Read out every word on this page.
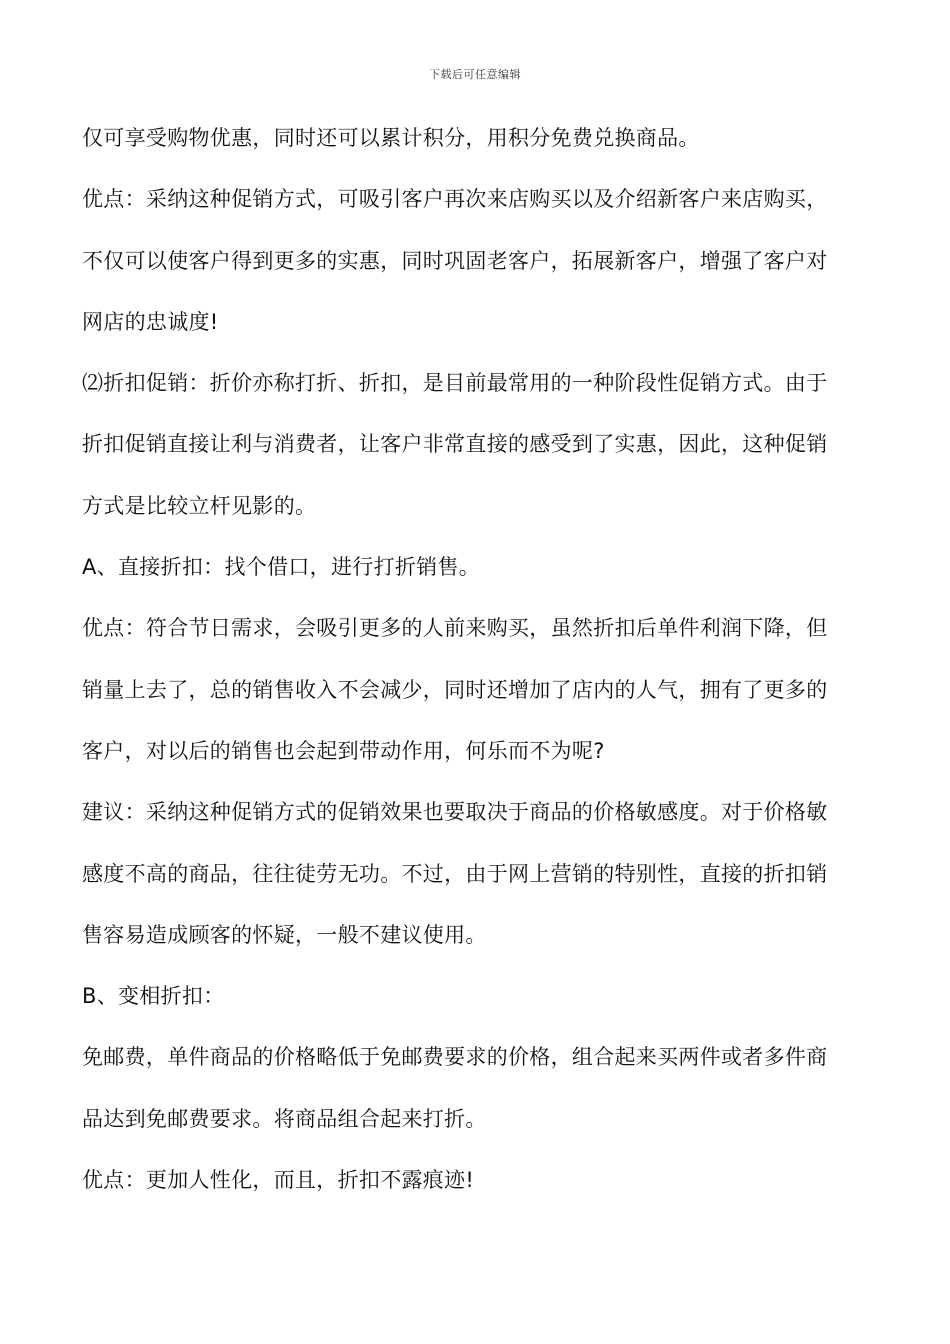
下载后可任意编辑
仅可享受购物优惠，同时还可以累计积分，用积分免费兑换商品。
优点：采纳这种促销方式，可吸引客户再次来店购买以及介绍新客户来店购买，
不仅可以使客户得到更多的实惠，同时巩固老客户，拓展新客户，增强了客户对
网店的忠诚度!
⑵折扣促销：折价亦称打折、折扣，是目前最常用的一种阶段性促销方式。由于
折扣促销直接让利与消费者，让客户非常直接的感受到了实惠，因此，这种促销
方式是比较立杆见影的。
A、直接折扣：找个借口，进行打折销售。
优点：符合节日需求，会吸引更多的人前来购买，虽然折扣后单件利润下降，但
销量上去了，总的销售收入不会减少，同时还增加了店内的人气，拥有了更多的
客户，对以后的销售也会起到带动作用，何乐而不为呢?
建议：采纳这种促销方式的促销效果也要取决于商品的价格敏感度。对于价格敏
感度不高的商品，往往徒劳无功。不过，由于网上营销的特别性，直接的折扣销
售容易造成顾客的怀疑，一般不建议使用。
B、变相折扣：
免邮费，单件商品的价格略低于免邮费要求的价格，组合起来买两件或者多件商
品达到免邮费要求。将商品组合起来打折。
优点：更加人性化，而且，折扣不露痕迹!
